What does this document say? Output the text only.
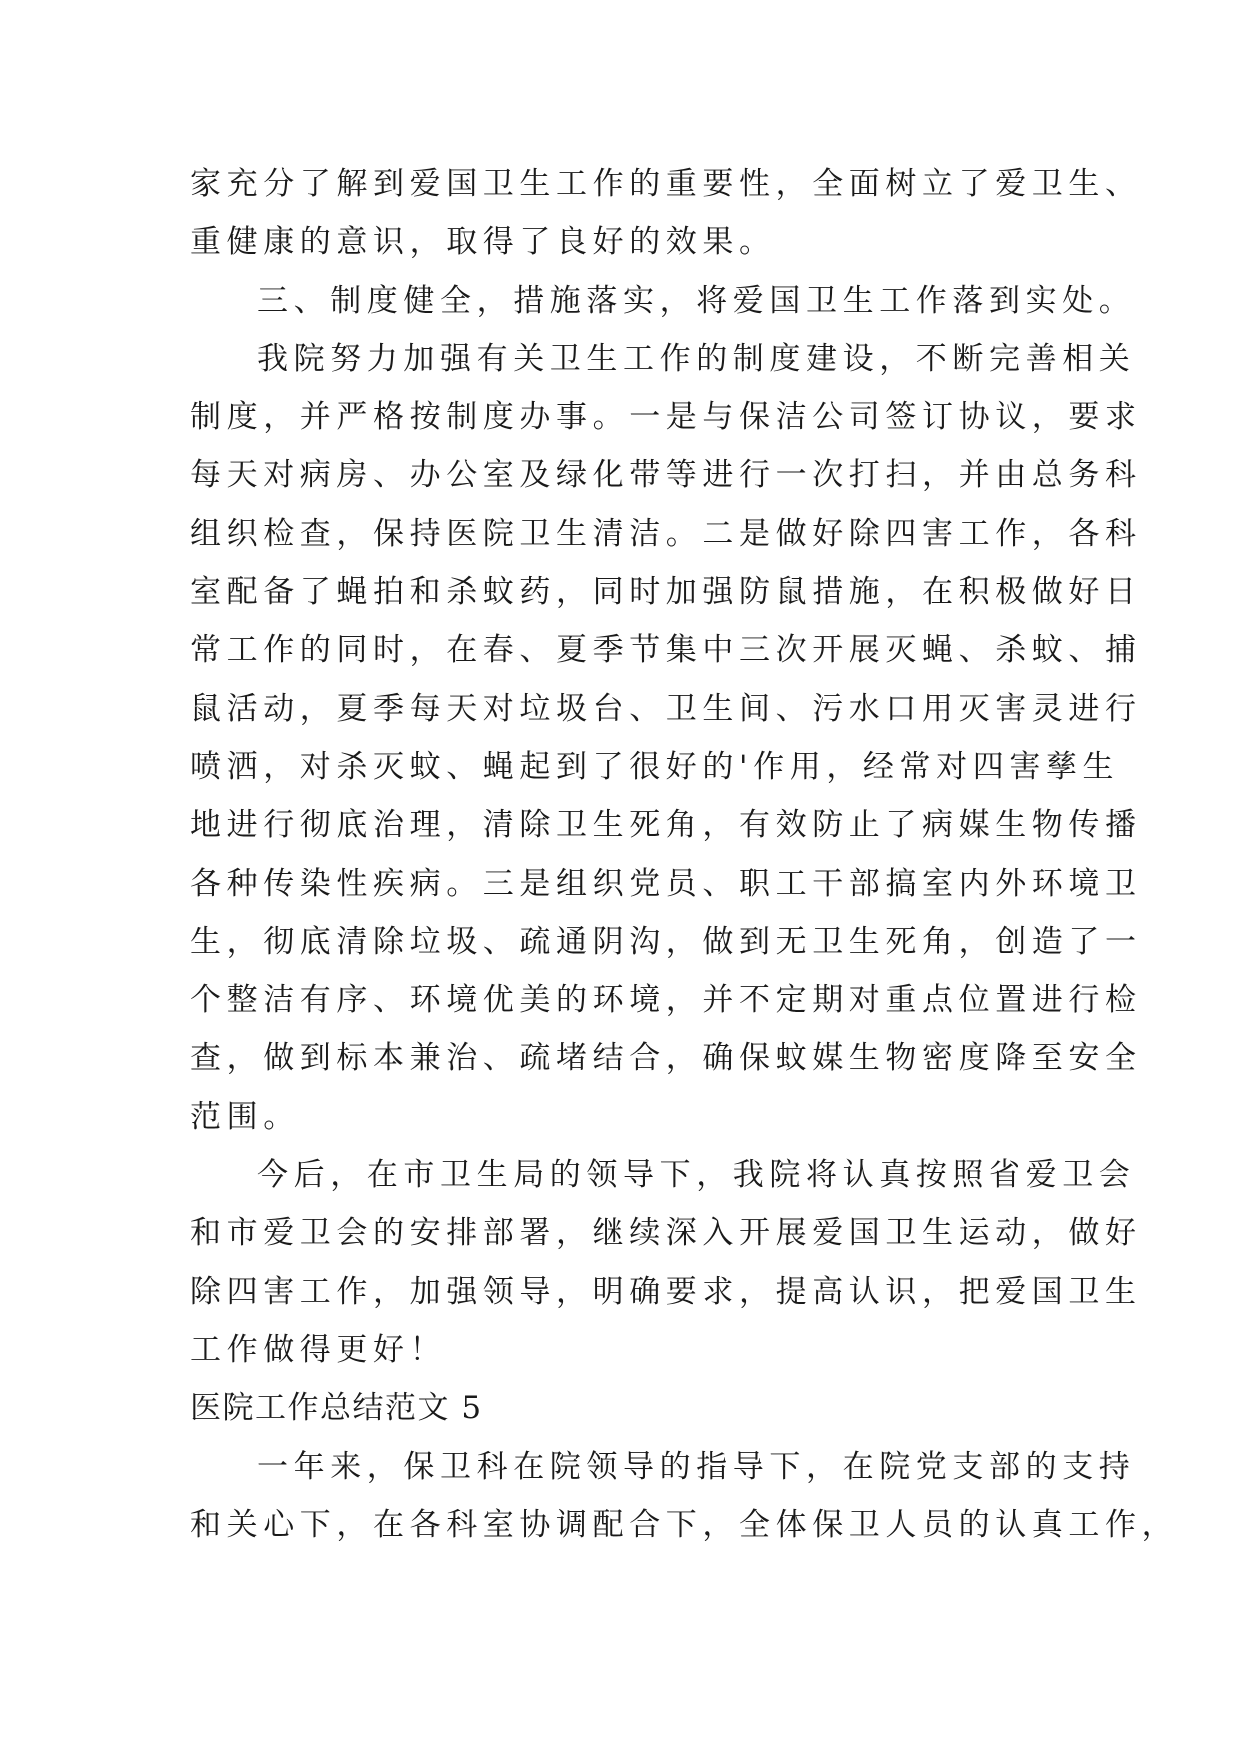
家充分了解到爱国卫生工作的重要性，全面树立了爱卫生、
重健康的意识，取得了良好的效果。
三、制度健全，措施落实，将爱国卫生工作落到实处。
我院努力加强有关卫生工作的制度建设，不断完善相关
制度，并严格按制度办事。一是与保洁公司签订协议，要求
每天对病房、办公室及绿化带等进行一次打扫，并由总务科
组织检查，保持医院卫生清洁。二是做好除四害工作，各科
室配备了蝇拍和杀蚊药，同时加强防鼠措施，在积极做好日
常工作的同时，在春、夏季节集中三次开展灭蝇、杀蚊、捕
鼠活动，夏季每天对垃圾台、卫生间、污水口用灭害灵进行
喷洒，对杀灭蚊、蝇起到了很好的'作用，经常对四害孳生
地进行彻底治理，清除卫生死角，有效防止了病媒生物传播
各种传染性疾病。三是组织党员、职工干部搞室内外环境卫
生，彻底清除垃圾、疏通阴沟，做到无卫生死角，创造了一
个整洁有序、环境优美的环境，并不定期对重点位置进行检
查，做到标本兼治、疏堵结合，确保蚊媒生物密度降至安全
范围。
今后，在市卫生局的领导下，我院将认真按照省爱卫会
和市爱卫会的安排部署，继续深入开展爱国卫生运动，做好
除四害工作，加强领导，明确要求，提高认识，把爱国卫生
工作做得更好！
医院工作总结范文 5
一年来，保卫科在院领导的指导下，在院党支部的支持
和关心下，在各科室协调配合下，全体保卫人员的认真工作，
